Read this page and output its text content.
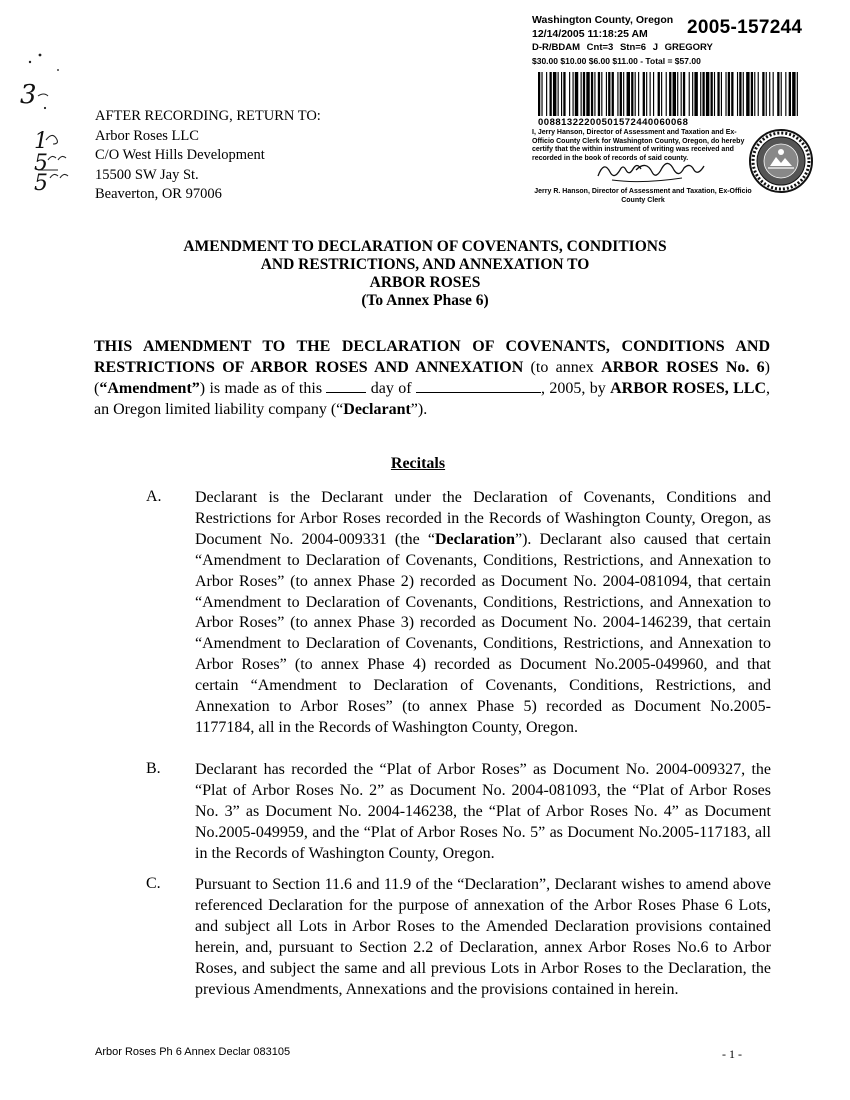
3
1
5
5
Washington County, Oregon
12/14/2005 11:18:25 AM
D-R/BDAM Cnt=3 Stn=6 J GREGORY
$30.00 $10.00 $6.00 $11.00 - Total = $57.00
2005-157244
00881322200501572440060068
I, Jerry Hanson, Director of Assessment and Taxation and Ex-Officio County Clerk for Washington County, Oregon, do hereby certify that the within instrument of writing was received and recorded in the book of records of said county.
Jerry R. Hanson, Director of Assessment and Taxation, Ex-Officio County Clerk
AFTER RECORDING, RETURN TO:
Arbor Roses LLC
C/O West Hills Development
15500 SW Jay St.
Beaverton, OR 97006
AMENDMENT TO DECLARATION OF COVENANTS, CONDITIONS
AND RESTRICTIONS, AND ANNEXATION TO
ARBOR ROSES
(To Annex Phase 6)
THIS AMENDMENT TO THE DECLARATION OF COVENANTS, CONDITIONS AND RESTRICTIONS OF ARBOR ROSES AND ANNEXATION (to annex ARBOR ROSES No. 6) (“Amendment”) is made as of this	day of	, 2005, by ARBOR ROSES, LLC, an Oregon limited liability company (“Declarant”).
Recitals
A. Declarant is the Declarant under the Declaration of Covenants, Conditions and Restrictions for Arbor Roses recorded in the Records of Washington County, Oregon, as Document No. 2004-009331 (the “Declaration”). Declarant also caused that certain “Amendment to Declaration of Covenants, Conditions, Restrictions, and Annexation to Arbor Roses” (to annex Phase 2) recorded as Document No. 2004-081094, that certain “Amendment to Declaration of Covenants, Conditions, Restrictions, and Annexation to Arbor Roses” (to annex Phase 3) recorded as Document No. 2004-146239, that certain “Amendment to Declaration of Covenants, Conditions, Restrictions, and Annexation to Arbor Roses” (to annex Phase 4) recorded as Document No.2005-049960, and that certain “Amendment to Declaration of Covenants, Conditions, Restrictions, and Annexation to Arbor Roses” (to annex Phase 5) recorded as Document No.2005-1177184, all in the Records of Washington County, Oregon.
B. Declarant has recorded the “Plat of Arbor Roses” as Document No. 2004-009327, the “Plat of Arbor Roses No. 2” as Document No. 2004-081093, the “Plat of Arbor Roses No. 3” as Document No. 2004-146238, the “Plat of Arbor Roses No. 4” as Document No.2005-049959, and the “Plat of Arbor Roses No. 5” as Document No.2005-117183, all in the Records of Washington County, Oregon.
C. Pursuant to Section 11.6 and 11.9 of the “Declaration”, Declarant wishes to amend above referenced Declaration for the purpose of annexation of the Arbor Roses Phase 6 Lots, and subject all Lots in Arbor Roses to the Amended Declaration provisions contained herein, and, pursuant to Section 2.2 of Declaration, annex Arbor Roses No.6 to Arbor Roses, and subject the same and all previous Lots in Arbor Roses to the Declaration, the previous Amendments, Annexations and the provisions contained in herein.
Arbor Roses Ph 6 Annex Declar 083105	- 1 -
